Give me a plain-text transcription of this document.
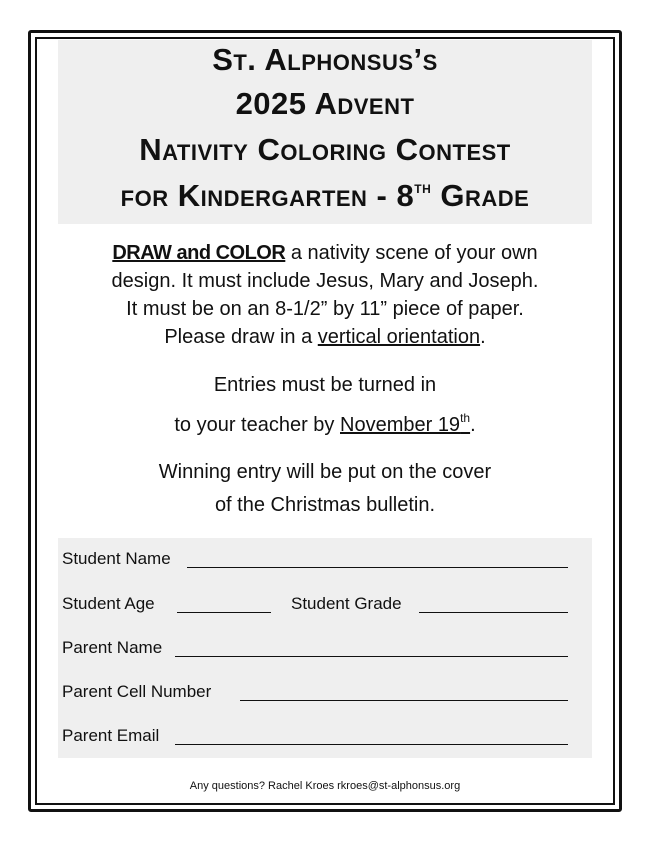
St. Alphonsus’s
2025 Advent
Nativity Coloring Contest
for Kindergarten - 8th Grade
DRAW and COLOR a nativity scene of your own
design. It must include Jesus, Mary and Joseph.
It must be on an 8-1/2” by 11” piece of paper.
Please draw in a vertical orientation.
Entries must be turned in
to your teacher by November 19th.
Winning entry will be put on the cover
of the Christmas bulletin.
Student Name
Student Age	Student Grade
Parent Name
Parent Cell Number
Parent Email
Any questions? Rachel Kroes rkroes@st-alphonsus.org
